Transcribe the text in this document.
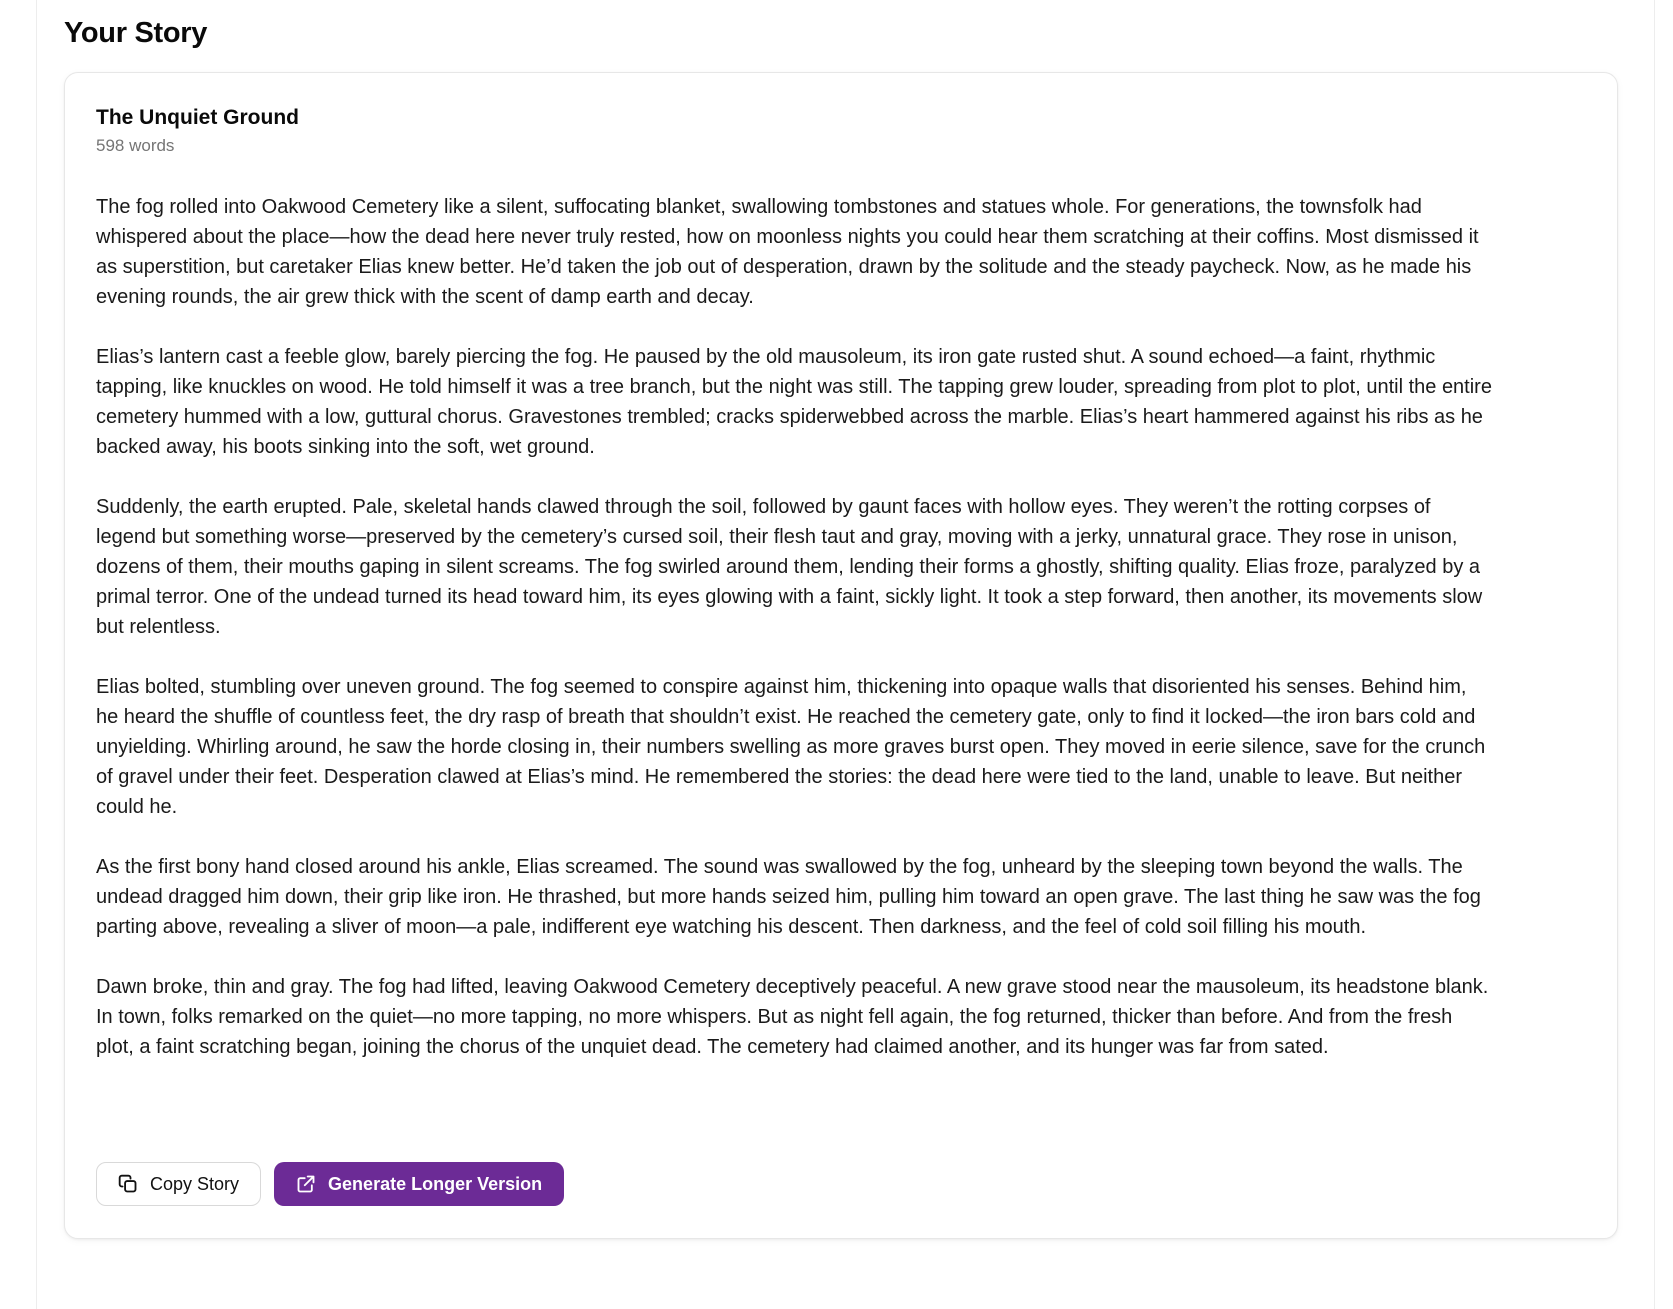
Your Story
The Unquiet Ground
598 words

The fog rolled into Oakwood Cemetery like a silent, suffocating blanket, swallowing tombstones and statues whole. For generations, the townsfolk had whispered about the place—how the dead here never truly rested, how on moonless nights you could hear them scratching at their coffins. Most dismissed it as superstition, but caretaker Elias knew better. He’d taken the job out of desperation, drawn by the solitude and the steady paycheck. Now, as he made his evening rounds, the air grew thick with the scent of damp earth and decay.

Elias’s lantern cast a feeble glow, barely piercing the fog. He paused by the old mausoleum, its iron gate rusted shut. A sound echoed—a faint, rhythmic tapping, like knuckles on wood. He told himself it was a tree branch, but the night was still. The tapping grew louder, spreading from plot to plot, until the entire cemetery hummed with a low, guttural chorus. Gravestones trembled; cracks spiderwebbed across the marble. Elias’s heart hammered against his ribs as he backed away, his boots sinking into the soft, wet ground.

Suddenly, the earth erupted. Pale, skeletal hands clawed through the soil, followed by gaunt faces with hollow eyes. They weren’t the rotting corpses of legend but something worse—preserved by the cemetery’s cursed soil, their flesh taut and gray, moving with a jerky, unnatural grace. They rose in unison, dozens of them, their mouths gaping in silent screams. The fog swirled around them, lending their forms a ghostly, shifting quality. Elias froze, paralyzed by a primal terror. One of the undead turned its head toward him, its eyes glowing with a faint, sickly light. It took a step forward, then another, its movements slow but relentless.

Elias bolted, stumbling over uneven ground. The fog seemed to conspire against him, thickening into opaque walls that disoriented his senses. Behind him, he heard the shuffle of countless feet, the dry rasp of breath that shouldn’t exist. He reached the cemetery gate, only to find it locked—the iron bars cold and unyielding. Whirling around, he saw the horde closing in, their numbers swelling as more graves burst open. They moved in eerie silence, save for the crunch of gravel under their feet. Desperation clawed at Elias’s mind. He remembered the stories: the dead here were tied to the land, unable to leave. But neither could he.

As the first bony hand closed around his ankle, Elias screamed. The sound was swallowed by the fog, unheard by the sleeping town beyond the walls. The undead dragged him down, their grip like iron. He thrashed, but more hands seized him, pulling him toward an open grave. The last thing he saw was the fog parting above, revealing a sliver of moon—a pale, indifferent eye watching his descent. Then darkness, and the feel of cold soil filling his mouth.

Dawn broke, thin and gray. The fog had lifted, leaving Oakwood Cemetery deceptively peaceful. A new grave stood near the mausoleum, its headstone blank. In town, folks remarked on the quiet—no more tapping, no more whispers. But as night fell again, the fog returned, thicker than before. And from the fresh plot, a faint scratching began, joining the chorus of the unquiet dead. The cemetery had claimed another, and its hunger was far from sated.

Copy Story	Generate Longer Version
